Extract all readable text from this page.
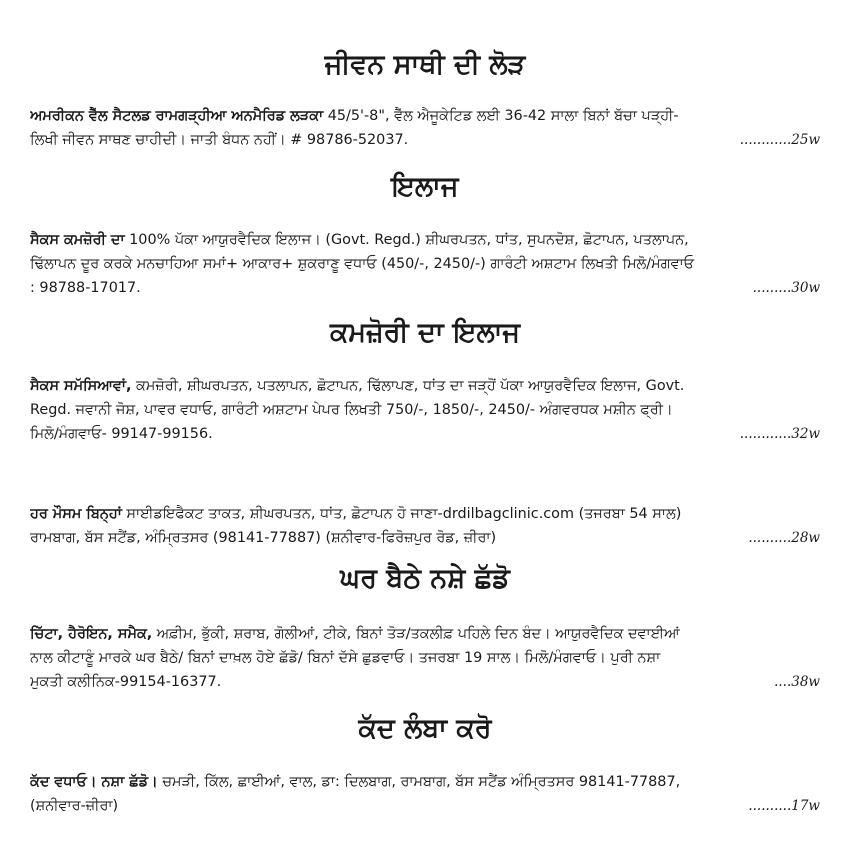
ਜੀਵਨ ਸਾਥੀ ਦੀ ਲੋੜ
ਅਮਰੀਕਨ ਵੈੱਲ ਸੈਟਲਡ ਰਾਮਗੜ੍ਹੀਆ ਅਨਮੈਰਿਡ ਲੜਕਾ 45/5'-8", ਵੈੱਲ ਐਜੂਕੇਟਿਡ ਲਈ 36-42 ਸਾਲਾ ਬਿਨਾਂ ਬੱਚਾ ਪੜ੍ਹੀ-
ਲਿਖੀ ਜੀਵਨ ਸਾਥਣ ਚਾਹੀਦੀ। ਜਾਤੀ ਬੰਧਨ ਨਹੀਂ। # 98786-52037.	............25w
ਇਲਾਜ
ਸੈਕਸ ਕਮਜ਼ੋਰੀ ਦਾ 100% ਪੱਕਾ ਆਯੁਰਵੈਦਿਕ ਇਲਾਜ। (Govt. Regd.) ਸ਼ੀਘਰਪਤਨ, ਧਾਂਤ, ਸੁਪਨਦੋਸ਼, ਛੋਟਾਪਨ, ਪਤਲਾਪਨ,
ਢਿੱਲਾਪਨ ਦੂਰ ਕਰਕੇ ਮਨਚਾਹਿਆ ਸਮਾਂ+ ਆਕਾਰ+ ਸ਼ੁਕਰਾਣੂ ਵਧਾਓ (450/-, 2450/-) ਗਾਰੰਟੀ ਅਸ਼ਟਾਮ ਲਿਖਤੀ ਮਿਲੋ/ਮੰਗਵਾਓ
: 98788-17017.	.........30w
ਕਮਜ਼ੋਰੀ ਦਾ ਇਲਾਜ
ਸੈਕਸ ਸਮੱਸਿਆਵਾਂ, ਕਮਜ਼ੋਰੀ, ਸ਼ੀਘਰਪਤਨ, ਪਤਲਾਪਨ, ਛੋਟਾਪਨ, ਢਿੱਲਾਪਣ, ਧਾਂਤ ਦਾ ਜੜ੍ਹੋਂ ਪੱਕਾ ਆਯੁਰਵੈਦਿਕ ਇਲਾਜ, Govt.
Regd. ਜਵਾਨੀ ਜੋਸ਼, ਪਾਵਰ ਵਧਾਓ, ਗਾਰੰਟੀ ਅਸ਼ਟਾਮ ਪੇਪਰ ਲਿਖਤੀ 750/-, 1850/-, 2450/- ਅੰਗਵਰਧਕ ਮਸ਼ੀਨ ਫ੍ਰੀ।
ਮਿਲੋ/ਮੰਗਵਾਓ- 99147-99156.	............32w
ਹਰ ਮੌਸਮ ਬਿਨ੍ਹਾਂ ਸਾਈਡਇਫੈਕਟ ਤਾਕਤ, ਸ਼ੀਘਰਪਤਨ, ਧਾਂਤ, ਛੋਟਾਪਨ ਹੋ ਜਾਣਾ-drdilbagclinic.com (ਤਜਰਬਾ 54 ਸਾਲ)
ਰਾਮਬਾਗ, ਬੱਸ ਸਟੈਂਡ, ਅੰਮ੍ਰਿਤਸਰ (98141-77887) (ਸ਼ਨੀਵਾਰ-ਫਿਰੋਜ਼ਪੁਰ ਰੋਡ, ਜ਼ੀਰਾ)	..........28w
ਘਰ ਬੈਠੇ ਨਸ਼ੇ ਛੱਡੋ
ਚਿੱਟਾ, ਹੈਰੋਇਨ, ਸਮੈਕ, ਅਫ਼ੀਮ, ਭੁੱਕੀ, ਸ਼ਰਾਬ, ਗੋਲੀਆਂ, ਟੀਕੇ, ਬਿਨਾਂ ਤੋੜ/ਤਕਲੀਫ਼ ਪਹਿਲੇ ਦਿਨ ਬੰਦ। ਆਯੁਰਵੈਦਿਕ ਦਵਾਈਆਂ
ਨਾਲ ਕੀਟਾਣੂੰ ਮਾਰਕੇ ਘਰ ਬੈਠੇ/ ਬਿਨਾਂ ਦਾਖ਼ਲ ਹੋਏ ਛੱਡੋ/ ਬਿਨਾਂ ਦੱਸੇ ਛੁਡਵਾਓ। ਤਜਰਬਾ 19 ਸਾਲ। ਮਿਲੋ/ਮੰਗਵਾਓ। ਪੁਰੀ ਨਸ਼ਾ
ਮੁਕਤੀ ਕਲੀਨਿਕ-99154-16377.	....38w
ਕੱਦ ਲੰਬਾ ਕਰੋ
ਕੱਦ ਵਧਾਓ। ਨਸ਼ਾ ਛੱਡੋ। ਚਮੜੀ, ਕਿੱਲ, ਛਾਈਆਂ, ਵਾਲ, ਡਾ: ਦਿਲਬਾਗ, ਰਾਮਬਾਗ, ਬੱਸ ਸਟੈਂਡ ਅੰਮ੍ਰਿਤਸਰ 98141-77887,
(ਸ਼ਨੀਵਾਰ-ਜ਼ੀਰਾ)	..........17w
